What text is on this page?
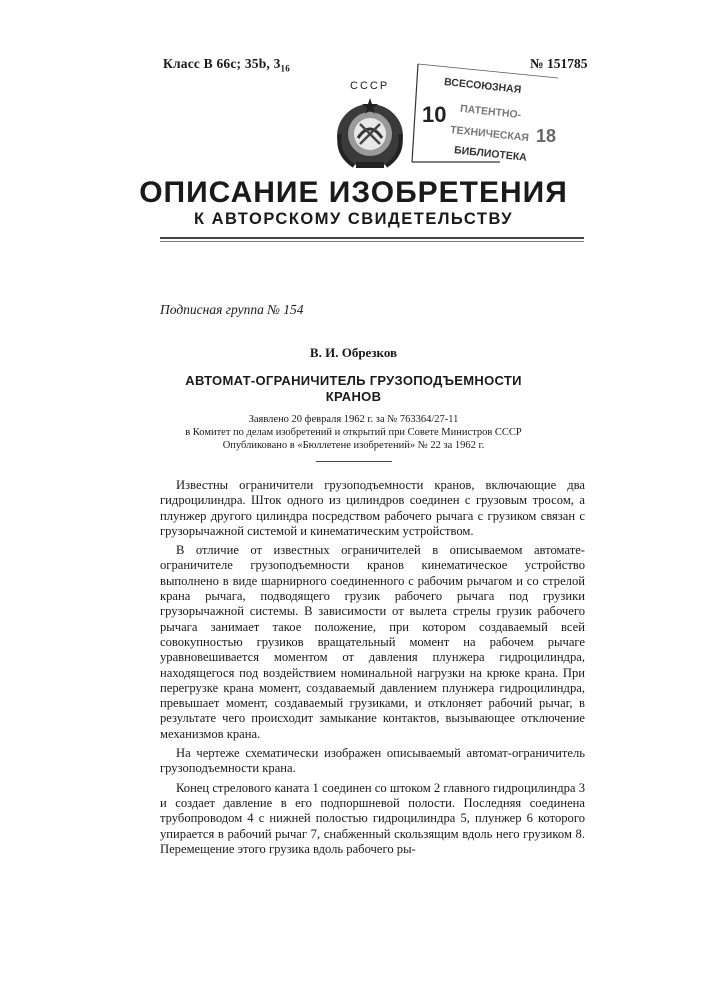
Класс В 66с; 35b, 316	№ 151785
СССР	ВСЕСОЮЗНАЯ
ПАТЕНТНО-
ТЕХНИЧЕСКАЯ
БИБЛИОТЕКА
10
18
ОПИСАНИЕ ИЗОБРЕТЕНИЯ
К АВТОРСКОМУ СВИДЕТЕЛЬСТВУ
Подписная группа № 154
В. И. Обрезков
АВТОМАТ-ОГРАНИЧИТЕЛЬ ГРУЗОПОДЪЕМНОСТИ
КРАНОВ
Заявлено 20 февраля 1962 г. за № 763364/27-11
в Комитет по делам изобретений и открытий при Совете Министров СССР
Опубликовано в «Бюллетене изобретений» № 22 за 1962 г.

Известны ограничители грузоподъемности кранов, включающие два гидроцилиндра. Шток одного из цилиндров соединен с грузовым тросом, а плунжер другого цилиндра посредством рабочего рычага с грузиком связан с грузорычажной системой и кинематическим устройством.

В отличие от известных ограничителей в описываемом автомате-ограничителе грузоподъемности кранов кинематическое устройство выполнено в виде шарнирного соединенного с рабочим рычагом и со стрелой крана рычага, подводящего грузик рабочего рычага под грузики грузорычажной системы. В зависимости от вылета стрелы грузик рабочего рычага занимает такое положение, при котором создаваемый всей совокупностью грузиков вращательный момент на рабочем рычаге уравновешивается моментом от давления плунжера гидроцилиндра, находящегося под воздействием номинальной нагрузки на крюке крана. При перегрузке крана момент, создаваемый давлением плунжера гидроцилиндра, превышает момент, создаваемый грузиками, и отклоняет рабочий рычаг, в результате чего происходит замыкание контактов, вызывающее отключение механизмов крана.

На чертеже схематически изображен описываемый автомат-ограничитель грузоподъемности крана.

Конец стрелового каната 1 соединен со штоком 2 главного гидроцилиндра 3 и создает давление в его подпоршневой полости. Последняя соединена трубопроводом 4 с нижней полостью гидроцилиндра 5, плунжер 6 которого упирается в рабочий рычаг 7, снабженный скользящим вдоль него грузиком 8. Перемещение этого грузика вдоль рабочего ры-
